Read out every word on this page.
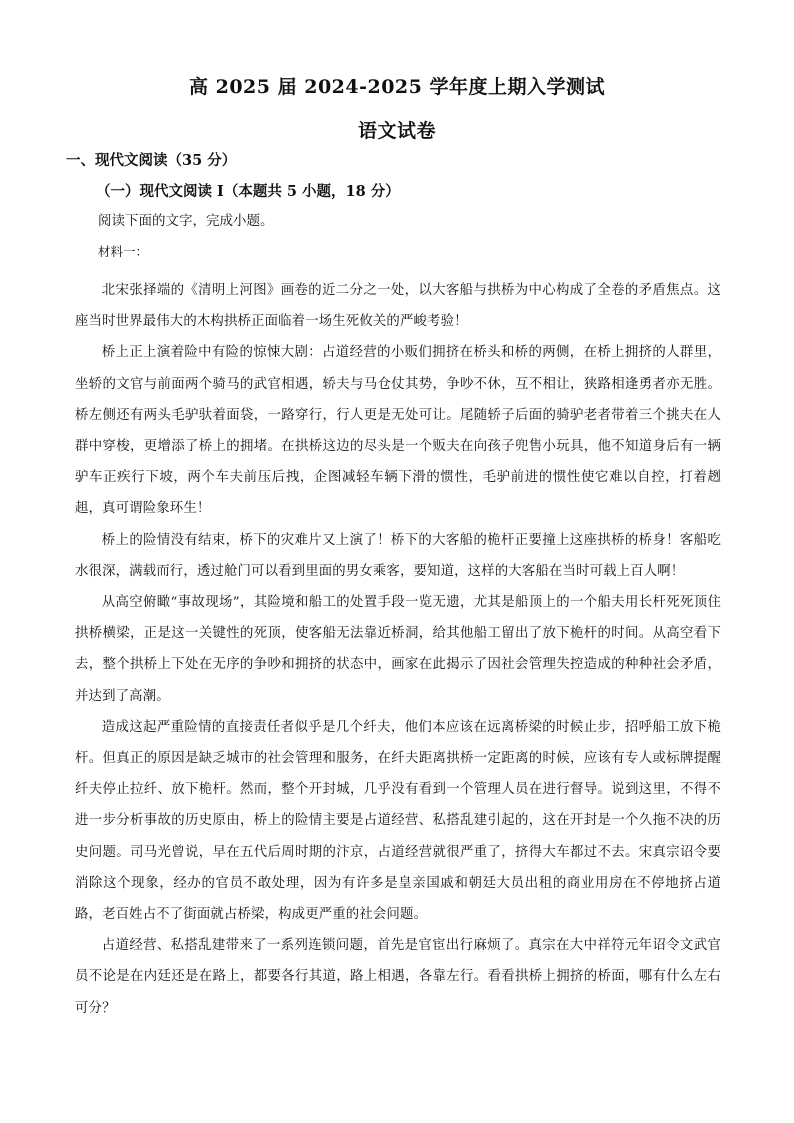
高 2025 届 2024-2025 学年度上期入学测试
语文试卷
一、现代文阅读（35 分）
（一）现代文阅读 I（本题共 5 小题，18 分）
阅读下面的文字，完成小题。
材料一：

北宋张择端的《清明上河图》画卷的近二分之一处，以大客船与拱桥为中心构成了全卷的矛盾焦点。这座当时世界最伟大的木构拱桥正面临着一场生死攸关的严峻考验！

桥上正上演着险中有险的惊悚大剧：占道经营的小贩们拥挤在桥头和桥的两侧，在桥上拥挤的人群里，坐轿的文官与前面两个骑马的武官相遇，轿夫与马仓仗其势，争吵不休，互不相让，狭路相逢勇者亦无胜。桥左侧还有两头毛驴驮着面袋，一路穿行，行人更是无处可让。尾随轿子后面的骑驴老者带着三个挑夫在人群中穿梭，更增添了桥上的拥堵。在拱桥这边的尽头是一个贩夫在向孩子兜售小玩具，他不知道身后有一辆驴车正疾行下坡，两个车夫前压后拽，企图减轻车辆下滑的惯性，毛驴前进的惯性使它难以自控，打着趔趄，真可谓险象环生！

桥上的险情没有结束，桥下的灾难片又上演了！桥下的大客船的桅杆正要撞上这座拱桥的桥身！客船吃水很深，满载而行，透过舱门可以看到里面的男女乘客，要知道，这样的大客船在当时可载上百人啊！

从高空俯瞰“事故现场”，其险境和船工的处置手段一览无遗，尤其是船顶上的一个船夫用长杆死死顶住拱桥横梁，正是这一关键性的死顶，使客船无法靠近桥洞，给其他船工留出了放下桅杆的时间。从高空看下去，整个拱桥上下处在无序的争吵和拥挤的状态中，画家在此揭示了因社会管理失控造成的种种社会矛盾，并达到了高潮。

造成这起严重险情的直接责任者似乎是几个纤夫，他们本应该在远离桥梁的时候止步，招呼船工放下桅杆。但真正的原因是缺乏城市的社会管理和服务，在纤夫距离拱桥一定距离的时候，应该有专人或标牌提醒纤夫停止拉纤、放下桅杆。然而，整个开封城，几乎没有看到一个管理人员在进行督导。说到这里，不得不进一步分析事故的历史原由，桥上的险情主要是占道经营、私搭乱建引起的，这在开封是一个久拖不决的历史问题。司马光曾说，早在五代后周时期的汴京，占道经营就很严重了，挤得大车都过不去。宋真宗诏令要消除这个现象，经办的官员不敢处理，因为有许多是皇亲国戚和朝廷大员出租的商业用房在不停地挤占道路，老百姓占不了街面就占桥梁，构成更严重的社会问题。

占道经营、私搭乱建带来了一系列连锁问题，首先是官宦出行麻烦了。真宗在大中祥符元年诏令文武官员不论是在内廷还是在路上，都要各行其道，路上相遇，各靠左行。看看拱桥上拥挤的桥面，哪有什么左右可分？
